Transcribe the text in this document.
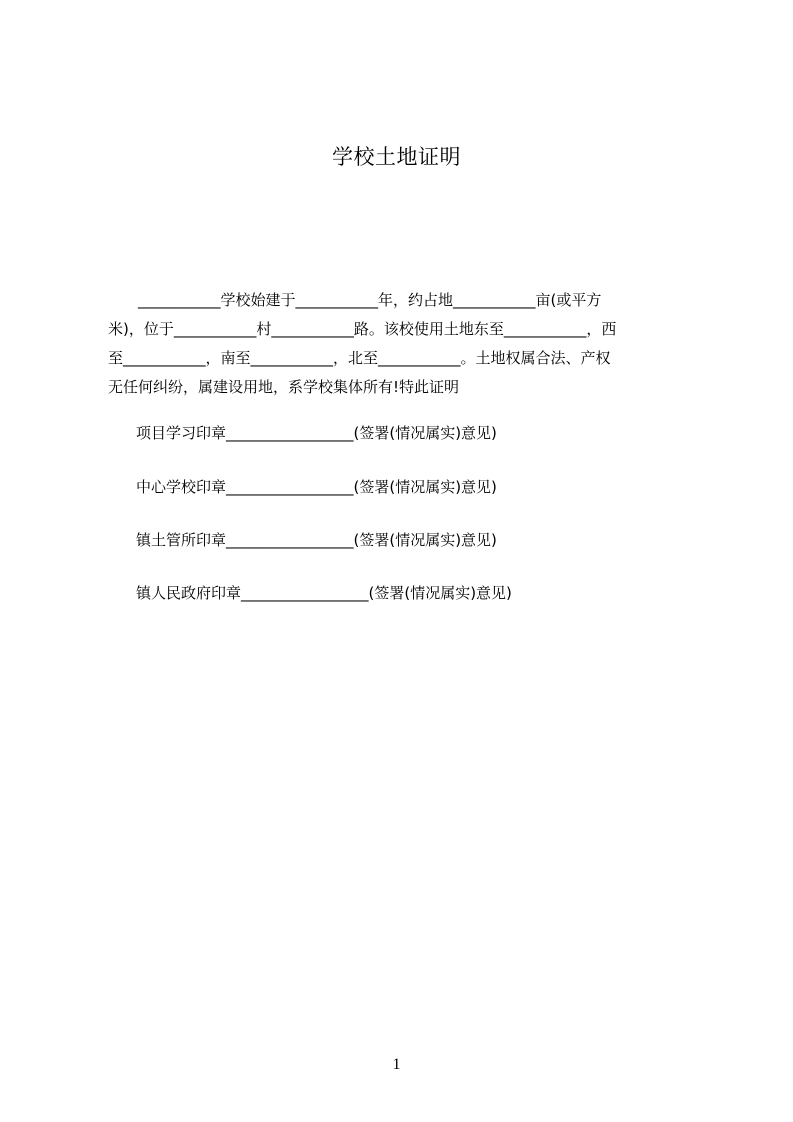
学校土地证明
　　___________学校始建于___________年，约占地___________亩(或平方
米)，位于___________村___________路。该校使用土地东至___________，西
至___________，南至___________，北至___________。土地权属合法、产权
无任何纠纷，属建设用地，系学校集体所有!特此证明
项目学习印章_________________(签署(情况属实)意见)
中心学校印章_________________(签署(情况属实)意见)
镇土管所印章_________________(签署(情况属实)意见)
镇人民政府印章_________________(签署(情况属实)意见)
1
